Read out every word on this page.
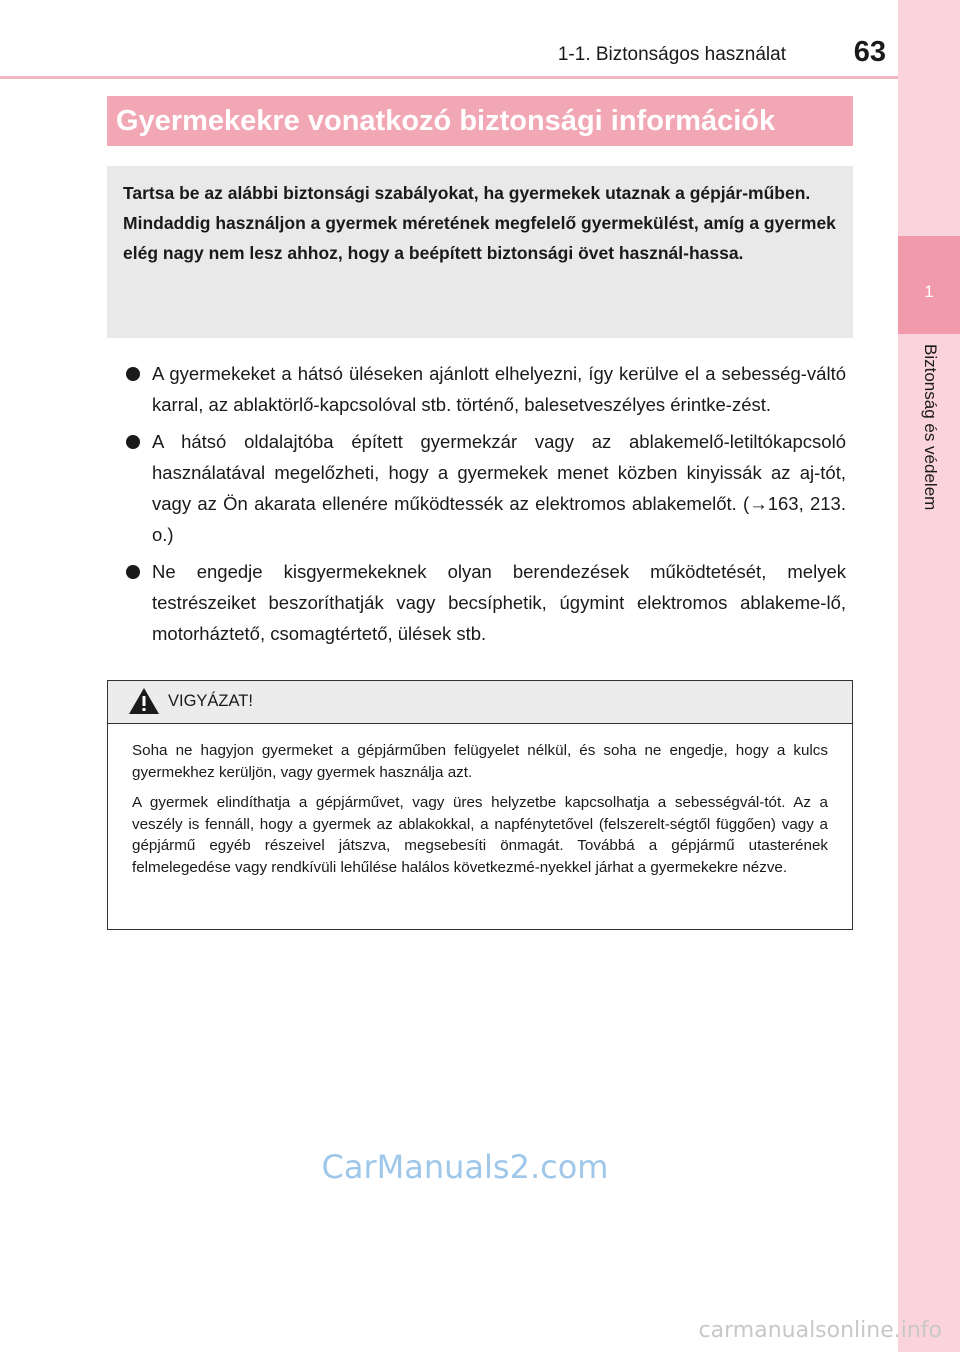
1-1. Biztonságos használat	63
1
Biztonság és védelem
Gyermekekre vonatkozó biztonsági információk

Tartsa be az alábbi biztonsági szabályokat, ha gyermekek utaznak a gépjár-műben.

Mindaddig használjon a gyermek méretének megfelelő gyermekülést, amíg a gyermek elég nagy nem lesz ahhoz, hogy a beépített biztonsági övet használ-hassa.

A gyermekeket a hátsó üléseken ajánlott elhelyezni, így kerülve el a sebesség-váltó karral, az ablaktörlő-kapcsolóval stb. történő, balesetveszélyes érintke-zést.
A hátsó oldalajtóba épített gyermekzár vagy az ablakemelő-letiltókapcsoló használatával megelőzheti, hogy a gyermekek menet közben kinyissák az aj-tót, vagy az Ön akarata ellenére működtessék az elektromos ablakemelőt. (→163, 213. o.)
Ne engedje kisgyermekeknek olyan berendezések működtetését, melyek testrészeiket beszoríthatják vagy becsíphetik, úgymint elektromos ablakeme-lő, motorháztető, csomagtértető, ülések stb.
VIGYÁZAT!

Soha ne hagyjon gyermeket a gépjárműben felügyelet nélkül, és soha ne engedje, hogy a kulcs gyermekhez kerüljön, vagy gyermek használja azt.

A gyermek elindíthatja a gépjárművet, vagy üres helyzetbe kapcsolhatja a sebességvál-tót. Az a veszély is fennáll, hogy a gyermek az ablakokkal, a napfénytetővel (felszerelt-ségtől függően) vagy a gépjármű egyéb részeivel játszva, megsebesíti önmagát. Továbbá a gépjármű utasterének felmelegedése vagy rendkívüli lehűlése halálos következmé-nyekkel járhat a gyermekekre nézve.

CarManuals2.com
carmanualsonline.info
